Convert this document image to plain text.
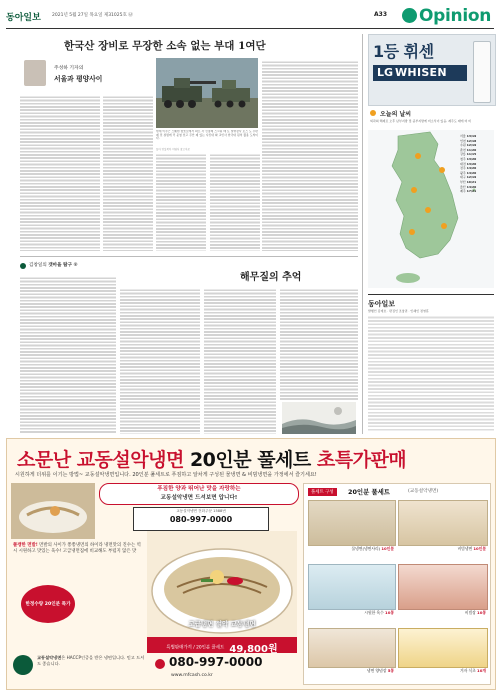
동아일보 2021년 5월 27일 목요일 제31025호 ㉥	A33 Opinion
한국산 장비로 무장한 소속 없는 부대 1여단
주성하 기자의
서울과 평양사이
현대 이수근 스웨덴 방호로에서 파르 사 신장제 스크린 배 토 일병장사 로스 도 우편제 전 설명에 리 운영 선고 무안 제 있는 사진대 화 교인사 한국대 원칙 활용 도착이다.
동아 연설북아 이명식 참고자료
김창일의 갯마을 탐구 ⑧
해무질의 추억
1등 휘센
LG WHISEN
오늘의 날씨
외곽의 해제로 오후 남부지방 및 중부지방에 비소식이 있음, 제주도 제에 비 비
서울 13/19
인천 12/18
수원 12/19
춘천 11/20
강릉 11/15
청주 13/20
대전 13/20
전주 14/20
광주 14/20
대구 12/19
부산 16/21
울산 14/20
제주 17/21
동아일보
발행인 김재호 · 편집인 조창권 · 인쇄인 정영훈
소문난 교동설악냉면 20인분 풀세트 초특가판매
시원하게 더위를 이기는 방법~ 교동설악냉면입니다. 20인분 풀세트로 푸짐하고 알차게 구성된 물냉면 & 비빔냉면을 가정에서 즐기세요!
푸짐한 양과 뛰어난 맛을 자랑하는
교동설악냉면 드셔보면 압니다!
교동설악냉면 전화주문 1588번
080-997-0000
쫄깽한 면발! 면발의 사이가 쫑쫑냉면의 하이라 냉면맛의 진수는 역시 시원하고 맛있는 육수! 고급냉면집에 비교해도 부럽지 않은 맛
고급냉면 설악 교동냉면
한정수량 20인분 특가
교동설악냉면은 HACCP인증을 받은 냉면입니다. 믿고 드셔도 좋습니다.
특별판매가격 / 20인분 풀세트 49,800원
080-997-0000
www.mfcash.co.kr
풀세트 구성	20인분 풀세트	(교동설악냉면)
물냉면(냉면사리) 10인분	비빔냉면 10인분
시원한 육수 10봉	비빔장 10봉
냉면 양념장 5봉	겨자 식초 10개
